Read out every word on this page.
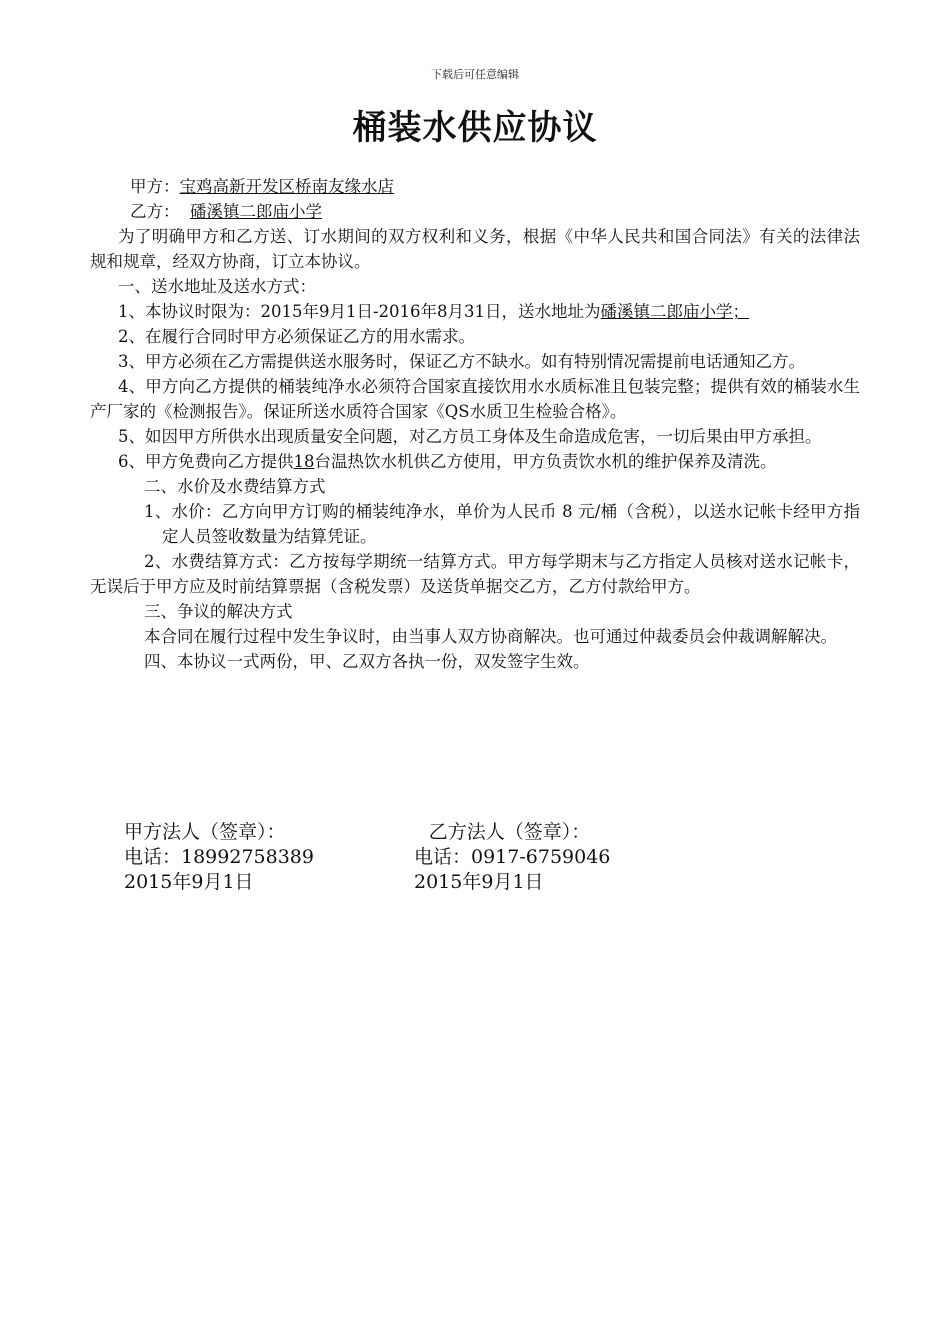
下载后可任意编辑
桶装水供应协议

甲方：宝鸡高新开发区桥南友缘水店

乙方： 磻溪镇二郎庙小学

为了明确甲方和乙方送、订水期间的双方权利和义务，根据《中华人民共和国合同法》有关的法律法规和规章，经双方协商，订立本协议。

一、送水地址及送水方式：

1、本协议时限为：2015年9月1日-2016年8月31日，送水地址为磻溪镇二郎庙小学；

2、在履行合同时甲方必须保证乙方的用水需求。

3、甲方必须在乙方需提供送水服务时，保证乙方不缺水。如有特别情况需提前电话通知乙方。

4、甲方向乙方提供的桶装纯净水必须符合国家直接饮用水水质标准且包装完整；提供有效的桶装水生产厂家的《检测报告》。保证所送水质符合国家《QS水质卫生检验合格》。

5、如因甲方所供水出现质量安全问题，对乙方员工身体及生命造成危害，一切后果由甲方承担。

6、甲方免费向乙方提供18台温热饮水机供乙方使用，甲方负责饮水机的维护保养及清洗。

二、水价及水费结算方式

1、水价：乙方向甲方订购的桶装纯净水，单价为人民币 8 元/桶（含税），以送水记帐卡经甲方指定人员签收数量为结算凭证。

2、水费结算方式：乙方按每学期统一结算方式。甲方每学期末与乙方指定人员核对送水记帐卡，无误后于甲方应及时前结算票据（含税发票）及送货单据交乙方，乙方付款给甲方。

三、争议的解决方式

本合同在履行过程中发生争议时，由当事人双方协商解决。也可通过仲裁委员会仲裁调解解决。

四、本协议一式两份，甲、乙双方各执一份，双发签字生效。

甲方法人（签章）：	乙方法人（签章）：
电话：18992758389	电话：0917-6759046
2015年9月1日	2015年9月1日
